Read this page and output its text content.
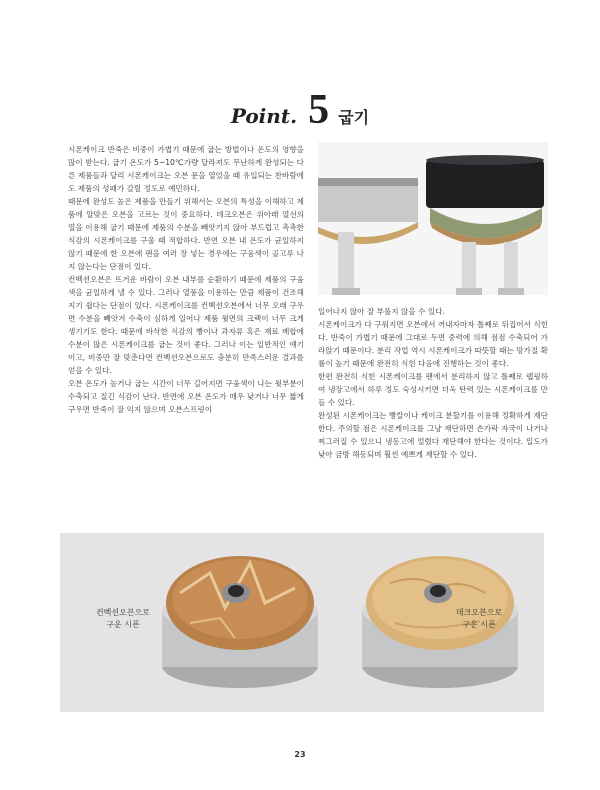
Point. 5 굽기

시폰케이크 반죽은 비중이 가볍기 때문에 굽는 방법이나 온도의 영향을 많이 받는다. 굽기 온도가 5~10℃가량 달라져도 무난하게 완성되는 다른 제품들과 달리 시폰케이크는 오븐 문을 열었을 때 유입되는 찬바람에도 제품의 성패가 갈릴 정도로 예민하다.

때문에 완성도 높은 제품을 만들기 위해서는 오븐의 특성을 이해하고 제품에 알맞은 오븐을 고르는 것이 중요하다. 데크오븐은 위아래 열선의 열을 이용해 굽기 때문에 제품의 수분을 빼앗기지 않아 부드럽고 촉촉한 식감의 시폰케이크를 구울 때 적합하다. 반면 오븐 내 온도가 균일하지 않기 때문에 한 오븐에 팬을 여러 장 넣는 경우에는 구움색이 골고루 나지 않는다는 단점이 있다.

컨벡션오븐은 뜨거운 바람이 오븐 내부를 순환하기 때문에 제품의 구움색을 균일하게 낼 수 있다. 그러나 열풍을 이용하는 만큼 제품이 건조해지기 쉽다는 단점이 있다. 시폰케이크를 컨벡션오븐에서 너무 오래 구우면 수분을 빼앗겨 수축이 심하게 일어나 제품 윗면의 크랙이 너무 크게 생기기도 한다. 때문에 바삭한 식감의 빵이나 과자류 혹은 재료 배합에 수분이 많은 시폰케이크를 굽는 것이 좋다. 그러나 이는 일반적인 얘기이고, 비중만 잘 맞춘다면 컨벡션오븐으로도 충분히 만족스러운 결과를 얻을 수 있다.

오븐 온도가 높거나 굽는 시간이 너무 길어지면 구움색이 나는 윗부분이 수축되고 질긴 식감이 난다. 반면에 오븐 온도가 매우 낮거나 너무 짧게 구우면 반죽이 잘 익지 않으며 오븐스프링이

일어나지 않아 잘 부풀지 않을 수 있다.

시폰케이크가 다 구워지면 오븐에서 꺼내자마자 틀째로 뒤집어서 식힌다. 반죽이 가볍기 때문에 그대로 두면 중력에 의해 점점 수축되어 가라앉기 때문이다. 분리 작업 역시 시폰케이크가 따뜻할 때는 망가질 확률이 높기 때문에 완전히 식힌 다음에 진행하는 것이 좋다.

한편 완전히 식힌 시폰케이크를 팬에서 분리하지 않고 틀째로 랩핑하여 냉장고에서 하루 정도 숙성시키면 더욱 탄력 있는 시폰케이크를 만들 수 있다.

완성된 시폰케이크는 빵칼이나 케이크 분할기를 이용해 정확하게 재단한다. 주의할 점은 시폰케이크를 그냥 재단하면 손가락 자국이 나거나 찌그러질 수 있으니 냉동고에 얼렸다 재단해야 한다는 것이다. 밀도가 낮아 금방 해동되며 훨씬 예쁘게 재단할 수 있다.

컨벡션오븐으로
구운 시폰
데크오븐으로
구운 시폰
23
